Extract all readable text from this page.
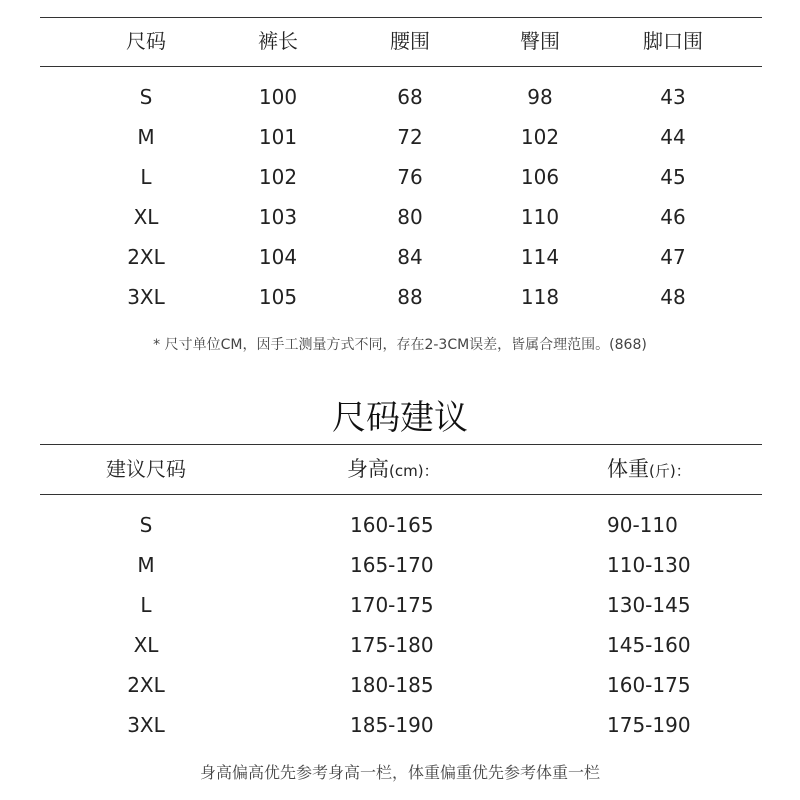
尺码	裤长	腰围	臀围	脚口围
S	100	68	98	43
M	101	72	102	44
L	102	76	106	45
XL	103	80	110	46
2XL	104	84	114	47
3XL	105	88	118	48
* 尺寸单位CM，因手工测量方式不同，存在2-3CM误差，皆属合理范围。(868)
尺码建议
建议尺码	身高(cm)：	体重(斤)：
S	160-165	90-110
M	165-170	110-130
L	170-175	130-145
XL	175-180	145-160
2XL	180-185	160-175
3XL	185-190	175-190
身高偏高优先参考身高一栏，体重偏重优先参考体重一栏
